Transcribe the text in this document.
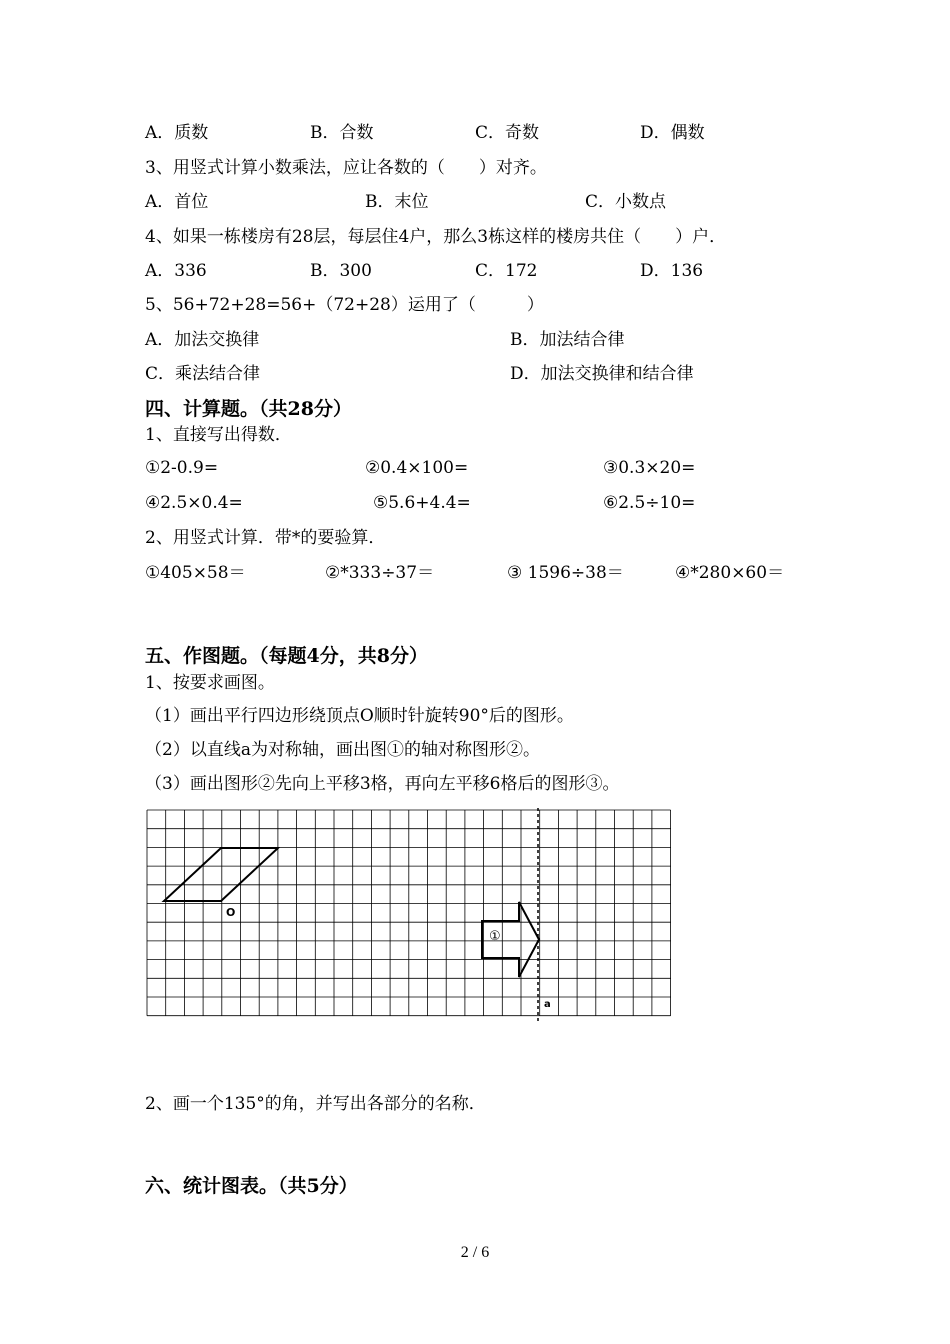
A．质数	B．合数	C．奇数	D．偶数
3、用竖式计算小数乘法，应让各数的（　　）对齐。
A．首位	B．末位	C．小数点
4、如果一栋楼房有28层，每层住4户，那么3栋这样的楼房共住（　　）户．
A．336	B．300	C．172	D．136
5、56+72+28=56+（72+28）运用了（　　　）
A．加法交换律	B．加法结合律
C．乘法结合律	D．加法交换律和结合律
四、计算题。（共28分）
1、直接写出得数．
①2-0.9=	②0.4×100=	③0.3×20=
④2.5×0.4=	⑤5.6+4.4=	⑥2.5÷10=
2、用竖式计算．带*的要验算．
①405×58＝	②*333÷37＝	③ 1596÷38＝	④*280×60＝
五、作图题。（每题4分，共8分）
1、按要求画图。
（1）画出平行四边形绕顶点O顺时针旋转90°后的图形。
（2）以直线a为对称轴，画出图①的轴对称图形②。
（3）画出图形②先向上平移3格，再向左平移6格后的图形③。
O
①
a
2、画一个135°的角，并写出各部分的名称．
六、统计图表。（共5分）
2 / 6
